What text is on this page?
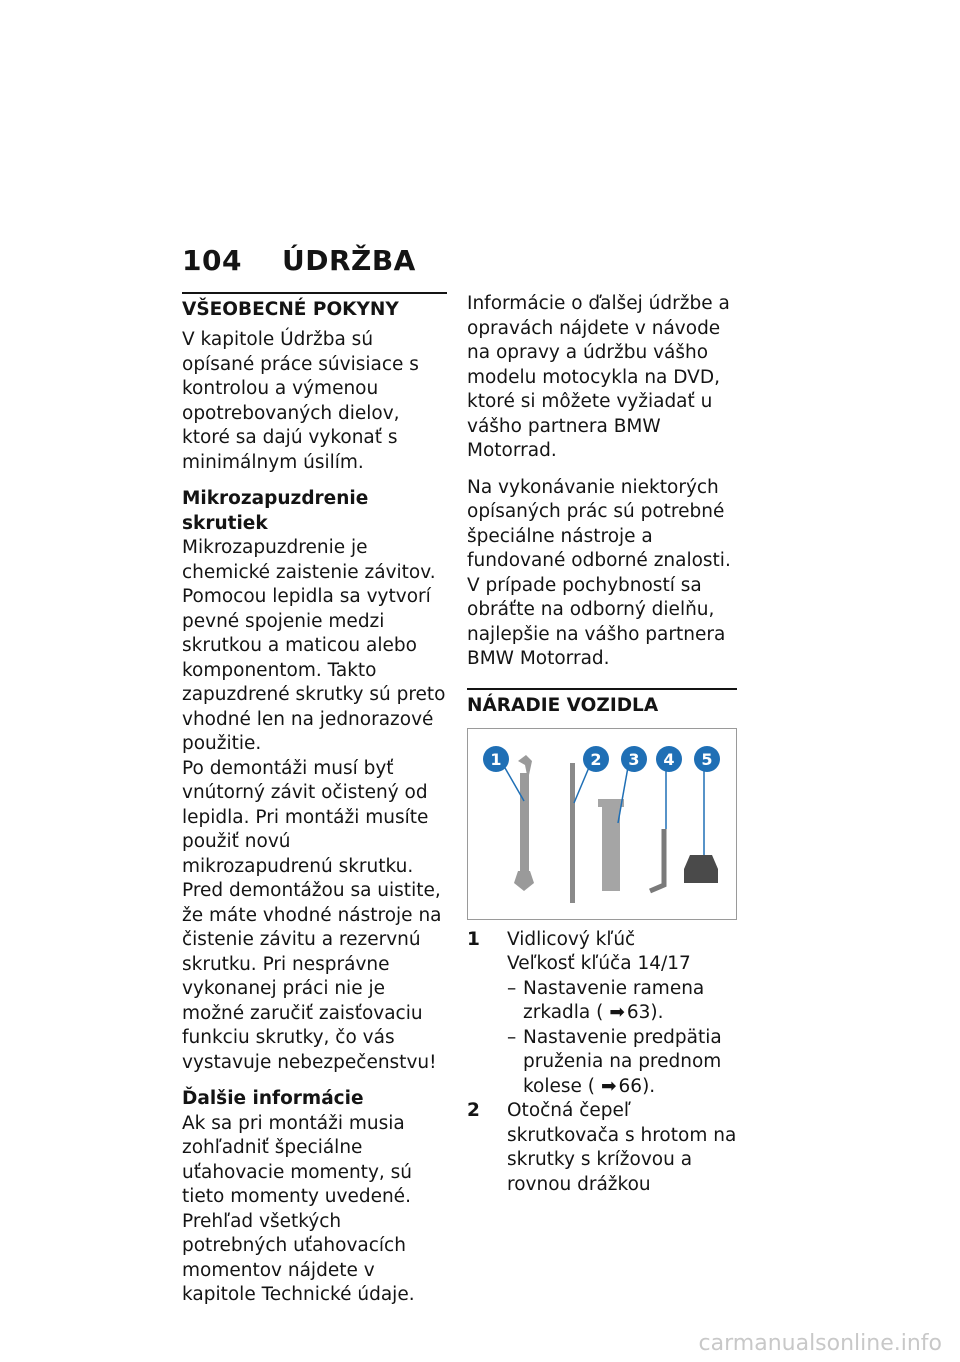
104 ÚDRŽBA
VŠEOBECNÉ POKYNY

V kapitole Údržba sú opísané práce súvisiace s kontrolou a výmenou opotrebovaných dielov, ktoré sa dajú vykonať s minimálnym úsilím.

Mikrozapuzdrenie skrutiek

Mikrozapuzdrenie je chemické zaistenie závitov. Pomocou lepidla sa vytvorí pevné spojenie medzi skrutkou a maticou alebo komponentom. Takto zapuzdrené skrutky sú preto vhodné len na jednorazové použitie.

Po demontáži musí byť vnútorný závit očistený od lepidla. Pri montáži musíte použiť novú mikrozapudrenú skrutku. Pred demontážou sa uistite, že máte vhodné nástroje na čistenie závitu a rezervnú skrutku. Pri nesprávne vykonanej práci nie je možné zaručiť zaisťovaciu funkciu skrutky, čo vás vystavuje nebezpečenstvu!

Ďalšie informácie

Ak sa pri montáži musia zohľadniť špeciálne uťahovacie momenty, sú tieto momenty uvedené. Prehľad všetkých potrebných uťahovacích momentov nájdete v kapitole Technické údaje.

Informácie o ďalšej údržbe a opravách nájdete v návode na opravy a údržbu vášho modelu motocykla na DVD, ktoré si môžete vyžiadať u vášho partnera BMW Motorrad.

Na vykonávanie niektorých opísaných prác sú potrebné špeciálne nástroje a fundované odborné znalosti. V prípade pochybností sa obráťte na odborný dielňu, najlepšie na vášho partnera BMW Motorrad.

NÁRADIE VOZIDLA
1	2 3 4 5
1	Vidlicový kľúč
Veľkosť kľúča 14/17
– Nastavenie ramena zrkadla ( ➡ 63).
– Nastavenie predpätia pruženia na prednom kolese ( ➡ 66).
2	Otočná čepeľ skrutkovača s hrotom na skrutky s krížovou a rovnou drážkou
carmanualsonline.info
